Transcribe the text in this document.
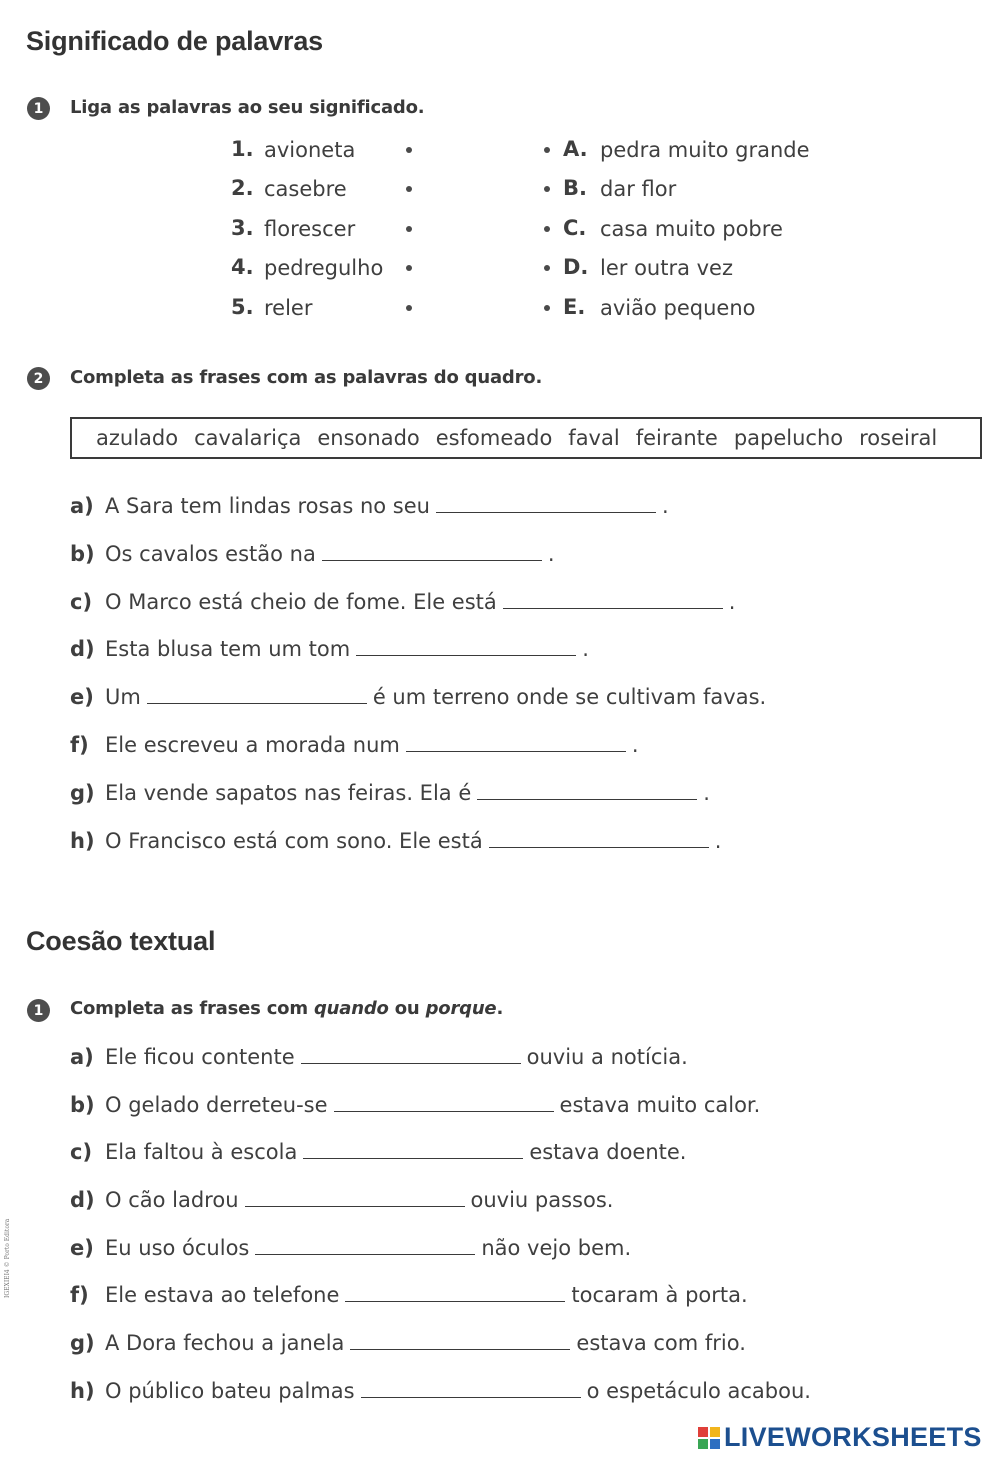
Significado de palavras
1	Liga as palavras ao seu significado.
1. avioneta	A. pedra muito grande
2. casebre	B. dar flor
3. florescer	C. casa muito pobre
4. pedregulho	D. ler outra vez
5. reler	E. avião pequeno
2	Completa as frases com as palavras do quadro.
azulado cavalariça ensonado esfomeado faval feirante papelucho roseiral
a) A Sara tem lindas rosas no seu	.
b) Os cavalos estão na	.
c) O Marco está cheio de fome. Ele está	.
d) Esta blusa tem um tom	.
e) Um	é um terreno onde se cultivam favas.
f) Ele escreveu a morada num	.
g) Ela vende sapatos nas feiras. Ela é	.
h) O Francisco está com sono. Ele está	.
Coesão textual
1	Completa as frases com quando ou porque.
a) Ele ficou contente	ouviu a notícia.
b) O gelado derreteu-se	estava muito calor.
c) Ela faltou à escola	estava doente.
d) O cão ladrou	ouviu passos.
e) Eu uso óculos	não vejo bem.
f) Ele estava ao telefone	tocaram à porta.
g) A Dora fechou a janela	estava com frio.
h) O público bateu palmas	o espetáculo acabou.
IGEXIEI4 © Porto Editora
LIVEWORKSHEETS
